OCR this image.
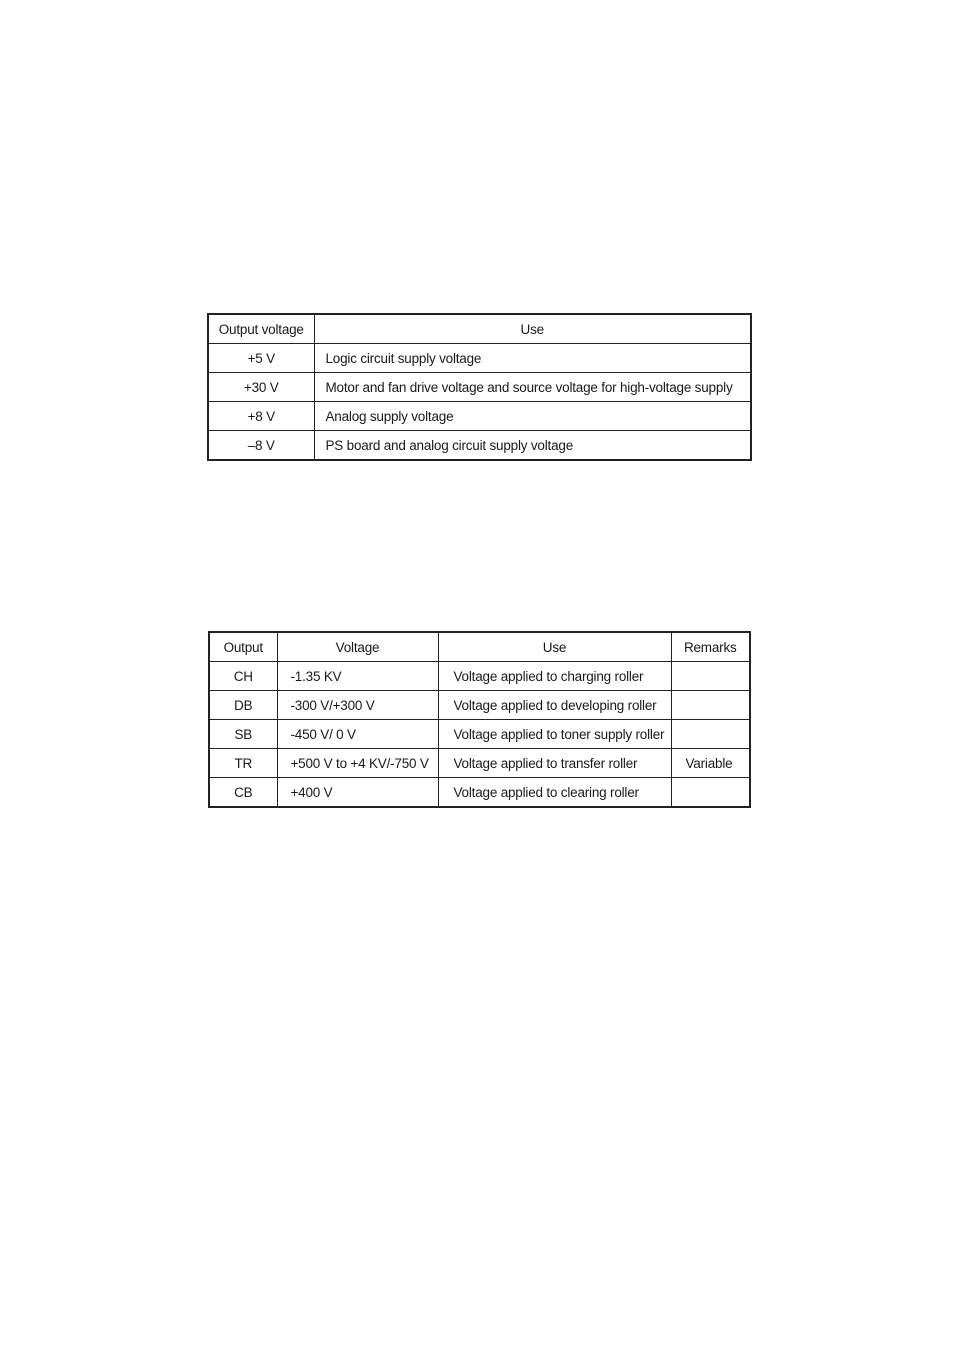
Output voltage	Use
+5 V	Logic circuit supply voltage
+30 V	Motor and fan drive voltage and source voltage for high-voltage supply
+8 V	Analog supply voltage
–8 V	PS board and analog circuit supply voltage
Output	Voltage	Use	Remarks
CH	-1.35 KV	Voltage applied to charging roller	
DB	-300 V/+300 V	Voltage applied to developing roller	
SB	-450 V/ 0 V	Voltage applied to toner supply roller	
TR	+500 V to +4 KV/-750 V	Voltage applied to transfer roller	Variable
CB	+400 V	Voltage applied to clearing roller	
